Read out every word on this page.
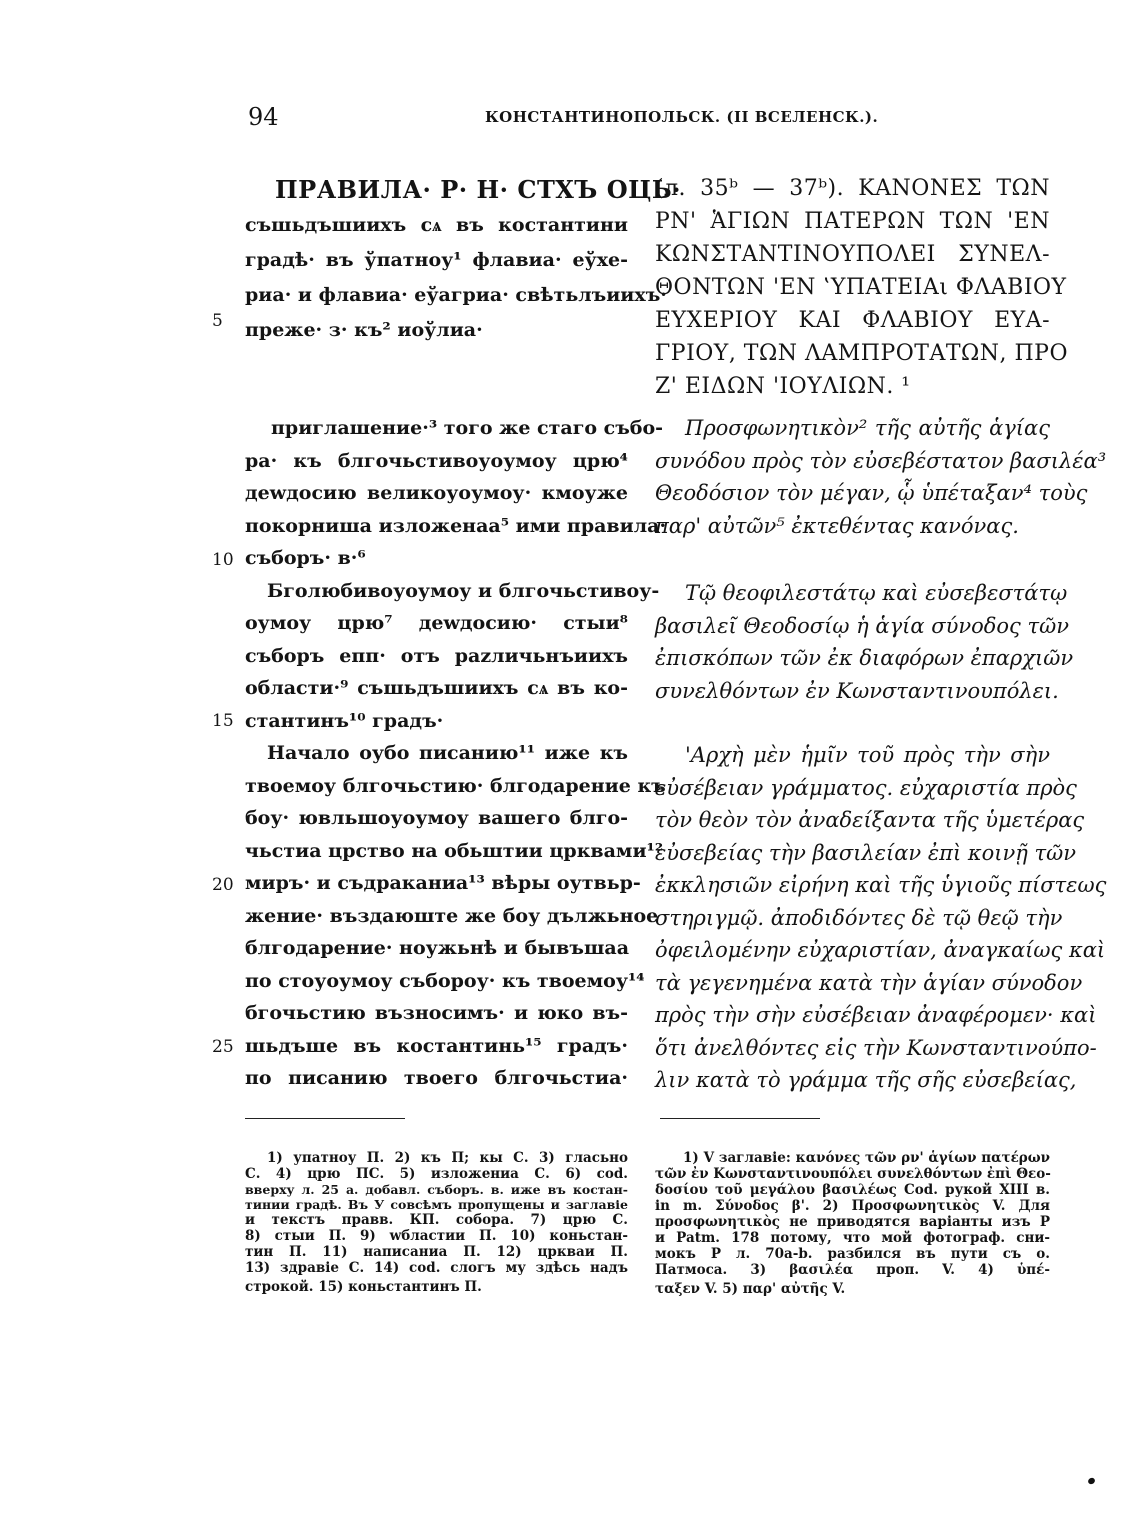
94	КОНСТАНТИНОПОЛЬСК. (II ВСЕЛЕНСК.).
ПРАВИЛА· Р· Н· СТХЪ ОЦЬ·
съшьдъшиихъ сѧ въ костантини
градѣ· въ ўпатноу¹ флавиа· еўхе-
риа· и флавиа· еўагриа· свѣтьлъиихъ·
преже· з· къ² иоўлиа·
(л. 35ᵇ — 37ᵇ). ΚΑΝΟΝΕΣ ΤΩΝ
ΡΝ' ἉΓΙΩΝ ΠΑΤΕΡΩΝ ΤΩΝ 'ΕΝ
ΚΩΝΣΤΑΝΤΙΝΟΥΠΟΛΕΙ ΣΥΝΕΛ-
ΘΟΝΤΩΝ 'ΕΝ ‛ΥΠΑΤΕΙΑι ΦΛΑΒΙΟΥ
ΕΥΧΕΡΙΟΥ ΚΑΙ ΦΛΑΒΙΟΥ ΕΥΑ-
ΓΡΙΟΥ, ΤΩΝ ΛΑΜΠΡΟΤΑΤΩΝ, ΠΡΟ
Ζ' ΕΙΔΩΝ 'ΙΟΥΛΙΩΝ. ¹
5
10
15
20
25
приглашение·³ того же стаго събо-
ра· къ блгочьстивоуоумоу црю⁴
деwдосию великоуоумоу· кмоуже
покорниша изложенаа⁵ ими правила·
съборъ· в·⁶
Бголюбивоуоумоу и блгочьстивоу-
оумоу црю⁷ деwдосию· стыи⁸
съборъ епп· отъ раzличьнъиихъ
области·⁹ съшьдъшиихъ сѧ въ ко-
стантинъ¹⁰ градъ·
Начало оубо писанию¹¹ иже къ
твоемоу блгочьстию· блгодарение къ
боу· ювльшоуоумоу вашего блго-
чьстиа црство на обьштии црквами¹²
миръ· и съдраканиа¹³ вѣры оутвьр-
жение· въздаюште же боу дължьное
блгодарение· ноужьнѣ и бывъшаа
по стоуоумоу събороу· къ твоемоу¹⁴
бгочьстию възносимъ· и юко въ-
шьдъше въ костантинь¹⁵ градъ·
по писанию твоего блгочьстиа·
Προσφωνητικὸν² τῆς αὐτῆς ἁγίας
συνόδου πρὸς τὸν εὐσεβέστατον βασιλέα³
Θεοδόσιον τὸν μέγαν, ᾧ ὑπέταξαν⁴ τοὺς
παρ' αὐτῶν⁵ ἐκτεθέντας κανόνας.
Τῷ θεοφιλεστάτῳ καὶ εὐσεβεστάτῳ
βασιλεῖ Θεοδοσίῳ ἡ ἁγία σύνοδος τῶν
ἐπισκόπων τῶν ἐκ διαφόρων ἐπαρχιῶν
συνελθόντων ἐν Κωνσταντινουπόλει.
'Αρχὴ μὲν ἡμῖν τοῦ πρὸς τὴν σὴν
εὐσέβειαν γράμματος. εὐχαριστία πρὸς
τὸν θεὸν τὸν ἀναδείξαντα τῆς ὑμετέρας
εὐσεβείας τὴν βασιλείαν ἐπὶ κοινῇ τῶν
ἐκκλησιῶν εἰρήνη καὶ τῆς ὑγιοῦς πίστεως
στηριγμῷ. ἀποδιδόντες δὲ τῷ θεῷ τὴν
ὀφειλομένην εὐχαριστίαν, ἀναγκαίως καὶ
τὰ γεγενημένα κατὰ τὴν ἁγίαν σύνοδον
πρὸς τὴν σὴν εὐσέβειαν ἀναφέρομεν· καὶ
ὅτι ἀνελθόντες εἰς τὴν Κωνσταντινούπο-
λιν κατὰ τὸ γράμμα τῆς σῆς εὐσεβείας,
1) упатноу П. 2) къ П; кы С. 3) гласьно
С. 4) црю ПС. 5) изложениа С. 6) cod.
вверху л. 25 а. добавл. съборъ. в. иже въ костан-
тинии градѣ. Въ У совсѣмъ пропущены и заглавіе
и текстъ правв. КП. собора. 7) црю С.
8) стыи П. 9) wбластии П. 10) коньстан-
тин П. 11) написаниа П. 12) цркваи П.
13) здравіе С. 14) cod. слогъ му здѣсь надъ
строкой. 15) коньстантинъ П.
1) V заглавіе: κανόνες τῶν ρν' ἁγίων πατέρων
τῶν ἐν Κωνσταντινουπόλει συνελθόντων ἐπὶ Θεο-
δοσίου τοῦ μεγάλου βασιλέως Cod. рукой XIII в.
in m. Σύνοδος β'. 2) Προσφωνητικὸς V. Для
προσφωνητικὸς не приводятся варіанты изъ Р
и Patm. 178 потому, что мой фотограф. сни-
мокъ Р л. 70a-b. разбился въ пути съ о.
Патмоса. 3) βασιλέα проп. V. 4) ὑπέ-
ταξεν V. 5) παρ' αὐτῆς V.
